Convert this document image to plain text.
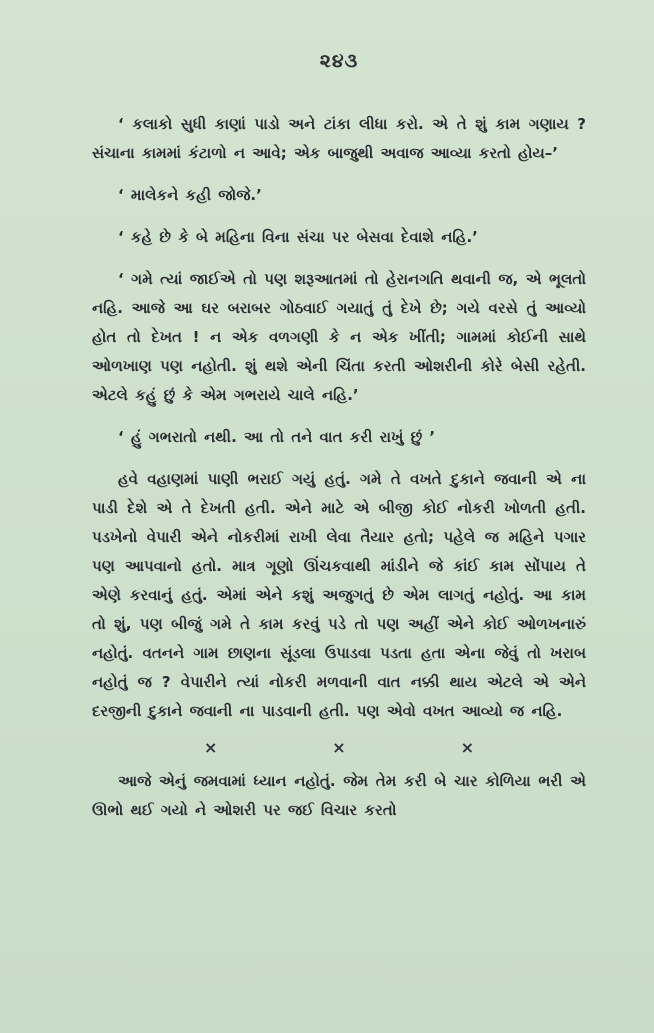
૨૪૩

‘ કલાકો સુધી કાણાં પાડો અને ટાંકા લીધા કરો. એ તે શું કામ ગણાય ? સંચાના કામમાં કંટાળો ન આવે; એક બાજુથી અવાજ આવ્યા કરતો હોય–’

‘ માલેકને કહી જોજે.’

‘ કહે છે કે બે મહિના વિના સંચા પર બેસવા દેવાશે નહિ.’

‘ ગમે ત્યાં જાઈએ તો પણ શરૂઆતમાં તો હેરાનગતિ થવાની જ, એ ભૂલતો નહિ. આજે આ ઘર બરાબર ગોઠવાઈ ગયાતું તું દેખે છે; ગયે વરસે તું આવ્યો હોત તો દેખત ! ન એક વળગણી કે ન એક ખીંતી; ગામમાં કોઈની સાથે ઓળખાણ પણ નહોતી. શું થશે એની ચિંતા કરતી ઓશરીની કોરે બેસી રહેતી. એટલે કહું છું કે એમ ગભરાયે ચાલે નહિ.’

‘ હું ગભરાતો નથી. આ તો તને વાત કરી રાખું છું ’

હવે વહાણમાં પાણી ભરાઈ ગયું હતું. ગમે તે વખતે દુકાને જવાની એ ના પાડી દેશે એ તે દેખતી હતી. એને માટે એ બીજી કોઈ નોકરી ખોળતી હતી. પડખેનો વેપારી એને નોકરીમાં રાખી લેવા તૈયાર હતો; પહેલે જ મહિને પગાર પણ આપવાનો હતો. માત્ર ગૂણો ઊંચકવાથી માંડીને જે કાંઈ કામ સોંપાય તે એણે કરવાનું હતું. એમાં એને કશું અજુગતું છે એમ લાગતું નહોતું. આ કામ તો શું, પણ બીજું ગમે તે કામ કરવું પડે તો પણ અહીં એને કોઈ ઓળખનારું નહોતું. વતનને ગામ છાણના સૂંડલા ઉપાડવા પડતા હતા એના જેવું તો ખરાબ નહોતું જ ? વેપારીને ત્યાં નોકરી મળવાની વાત નક્કી થાય એટલે એ એને દરજીની દુકાને જવાની ના પાડવાની હતી. પણ એવો વખત આવ્યો જ નહિ.

×	×	×

આજે એનું જમવામાં ધ્યાન નહોતું. જેમ તેમ કરી બે ચાર કોળિયા ભરી એ ઊભો થઈ ગયો ને ઓશરી પર જઈ વિચાર કરતો
